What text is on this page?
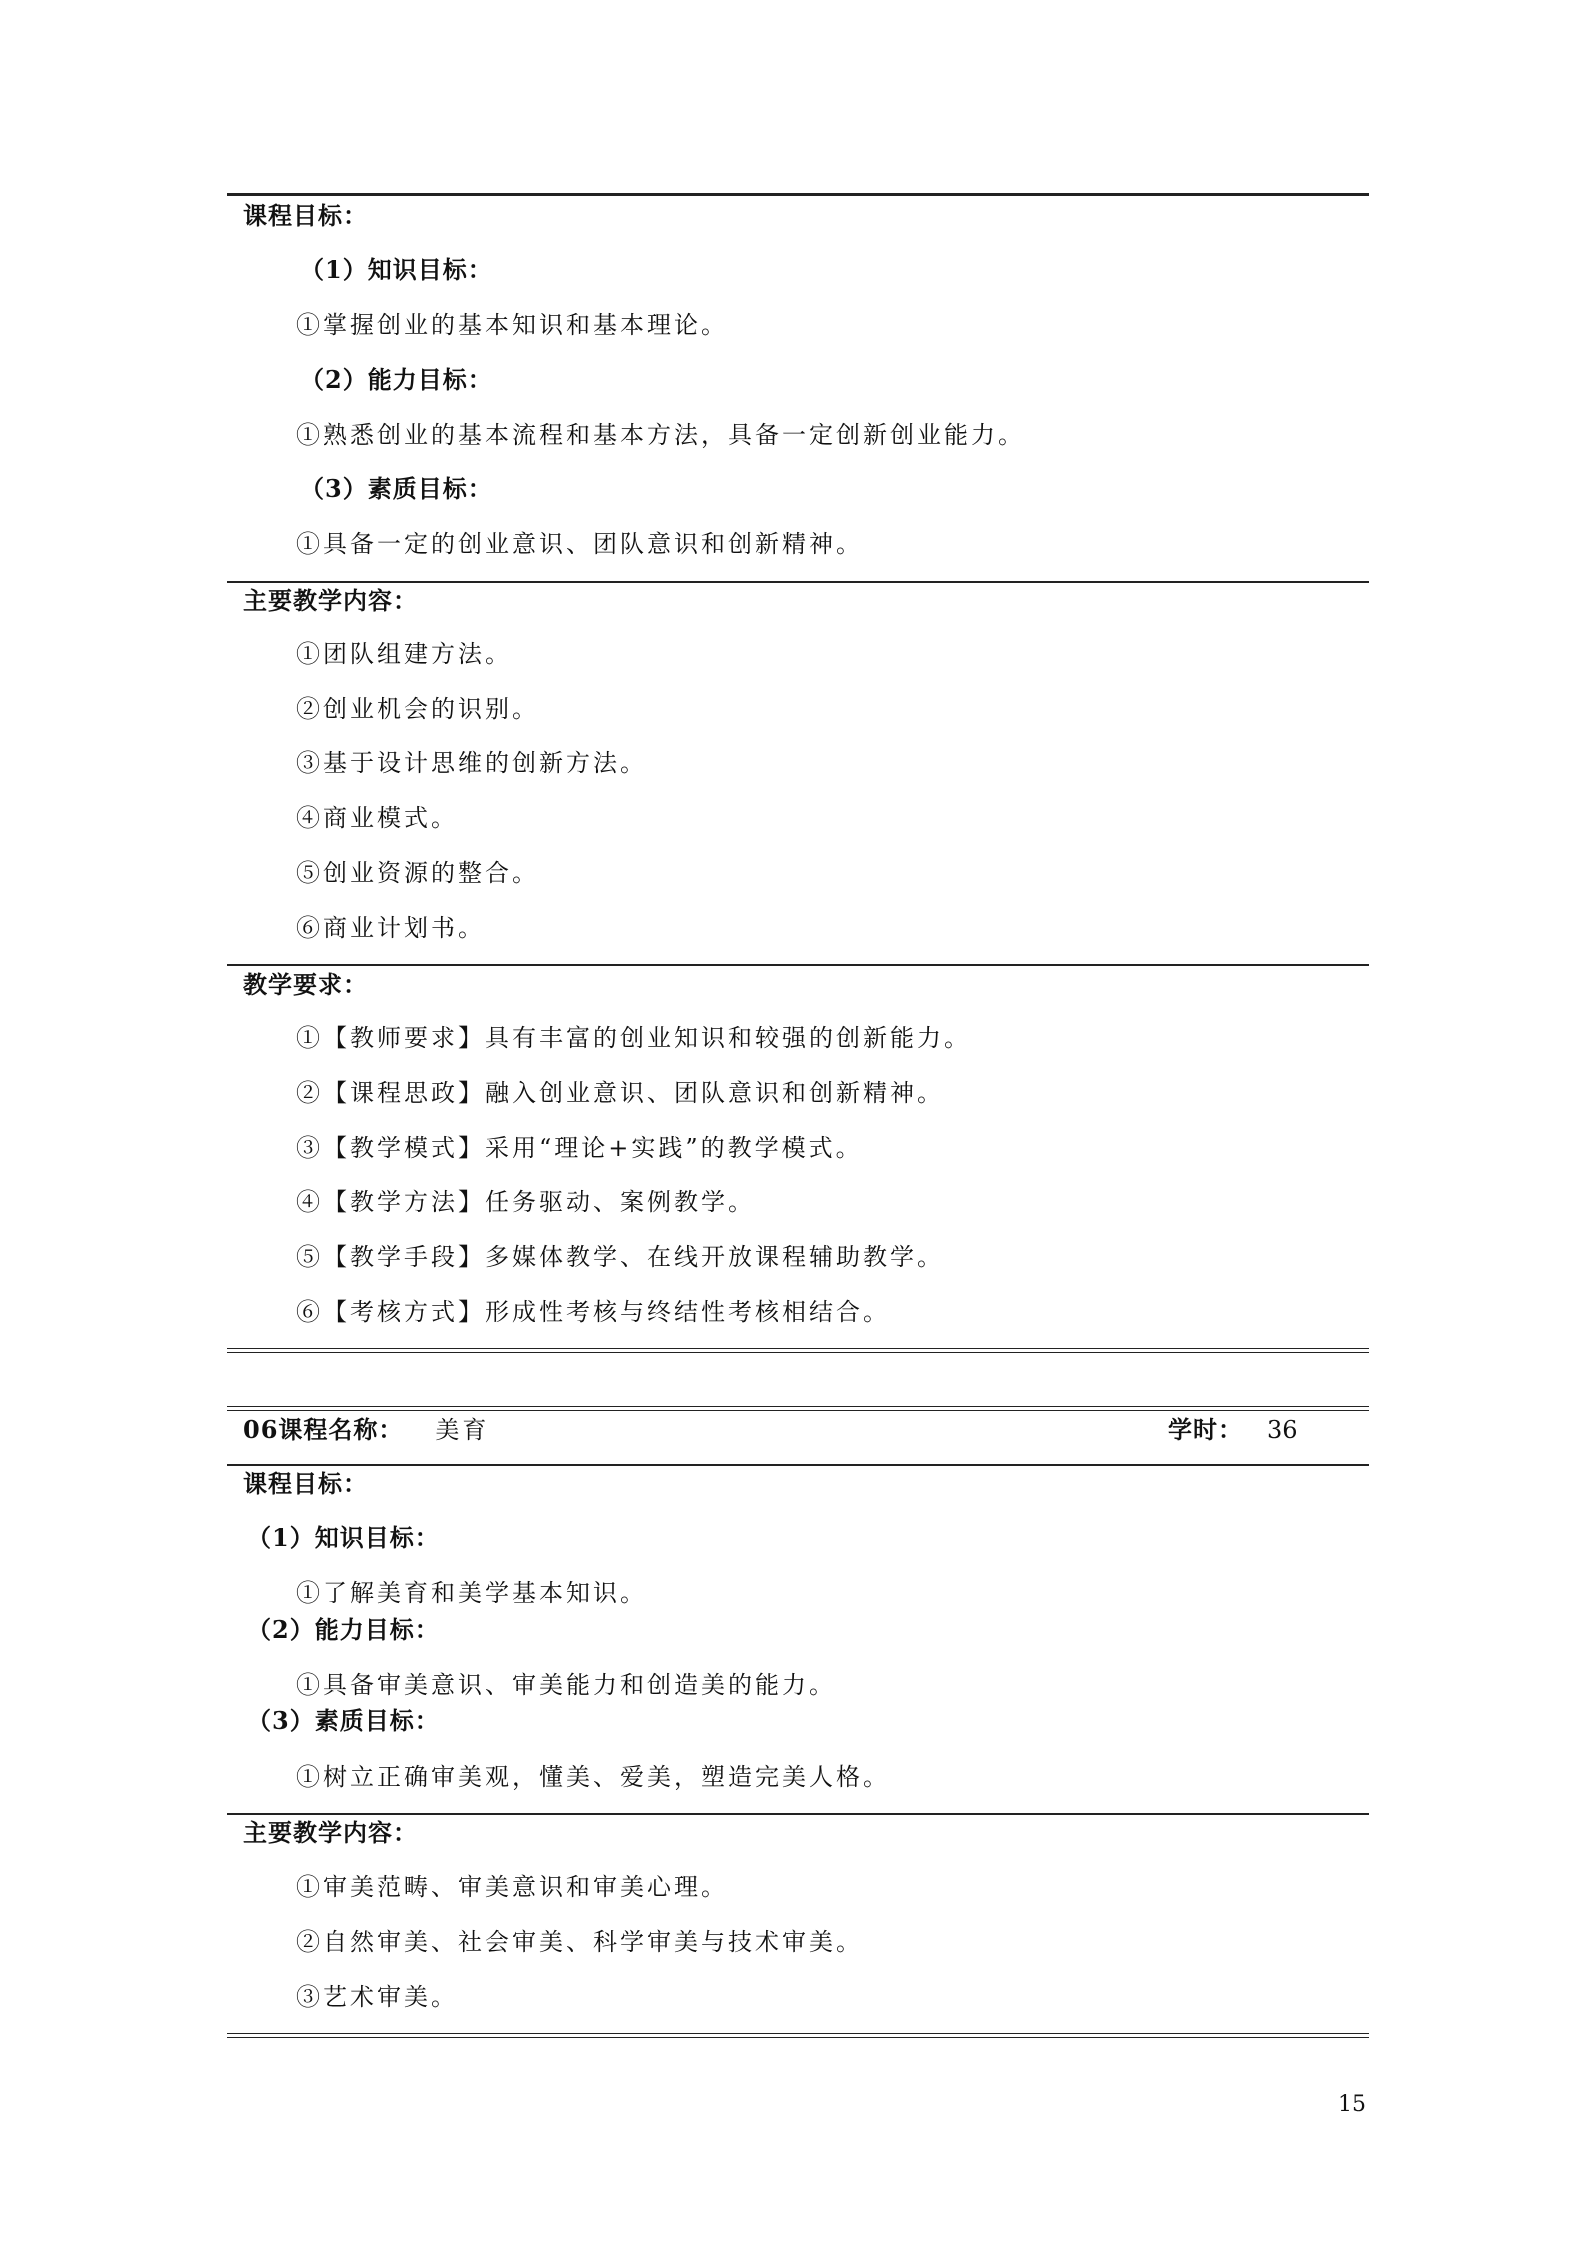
课程目标：
（1）知识目标：
①掌握创业的基本知识和基本理论。
（2）能力目标：
①熟悉创业的基本流程和基本方法，具备一定创新创业能力。
（3）素质目标：
①具备一定的创业意识、团队意识和创新精神。
主要教学内容：
①团队组建方法。
②创业机会的识别。
③基于设计思维的创新方法。
④商业模式。
⑤创业资源的整合。
⑥商业计划书。
教学要求：
①【教师要求】具有丰富的创业知识和较强的创新能力。
②【课程思政】融入创业意识、团队意识和创新精神。
③【教学模式】采用“理论+实践”的教学模式。
④【教学方法】任务驱动、案例教学。
⑤【教学手段】多媒体教学、在线开放课程辅助教学。
⑥【考核方式】形成性考核与终结性考核相结合。
06课程名称： 美育	学时： 36
课程目标：
（1）知识目标：
①了解美育和美学基本知识。
（2）能力目标：
①具备审美意识、审美能力和创造美的能力。
（3）素质目标：
①树立正确审美观，懂美、爱美，塑造完美人格。
主要教学内容：
①审美范畴、审美意识和审美心理。
②自然审美、社会审美、科学审美与技术审美。
③艺术审美。
15
